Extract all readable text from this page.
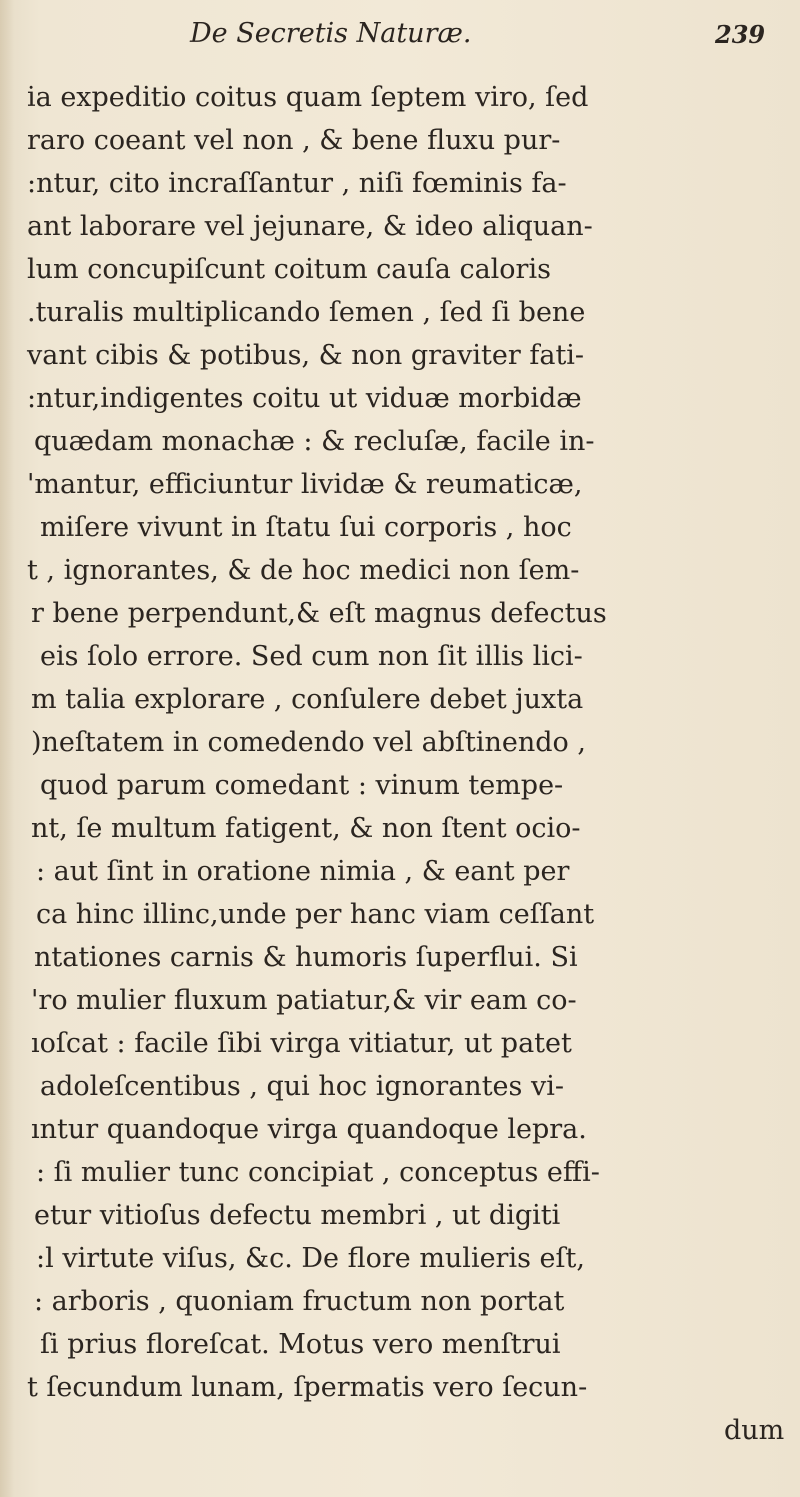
De Secretis Naturæ.	239
ia expeditio coitus quam ſeptem viro, ſed
raro coeant vel non , & bene fluxu pur-
:ntur, cito incraſſantur , niſi fœminis fa-
ant laborare vel jejunare, & ideo aliquan-
lum concupiſcunt coitum cauſa caloris
.turalis multiplicando ſemen , ſed ſi bene
vant cibis & potibus, & non graviter fati-
:ntur,indigentes coitu ut viduæ morbidæ
quædam monachæ : & recluſæ, facile in-
'mantur, efficiuntur lividæ & reumaticæ,
miſere vivunt in ſtatu ſui corporis , hoc
t , ignorantes, & de hoc medici non ſem-
r bene perpendunt,& eſt magnus defectus
eis ſolo errore. Sed cum non ſit illis lici-
m talia explorare , conſulere debet juxta
)neſtatem in comedendo vel abſtinendo ,
quod parum comedant : vinum tempe-
nt, ſe multum fatigent, & non ſtent ocio-
: aut ſint in oratione nimia , & eant per
ca hinc illinc,unde per hanc viam ceſſant
ntationes carnis & humoris ſuperflui. Si
'ro mulier fluxum patiatur,& vir eam co-
ıoſcat : facile ſibi virga vitiatur, ut patet
adoleſcentibus , qui hoc ignorantes vi-
ıntur quandoque virga quandoque lepra.
: ſi mulier tunc concipiat , conceptus effi-
etur vitioſus defectu membri , ut digiti
:l virtute viſus, &c. De flore mulieris eſt,
: arboris , quoniam fructum non portat
ſi prius floreſcat. Motus vero menſtrui
t ſecundum lunam, ſpermatis vero ſecun-
dum
